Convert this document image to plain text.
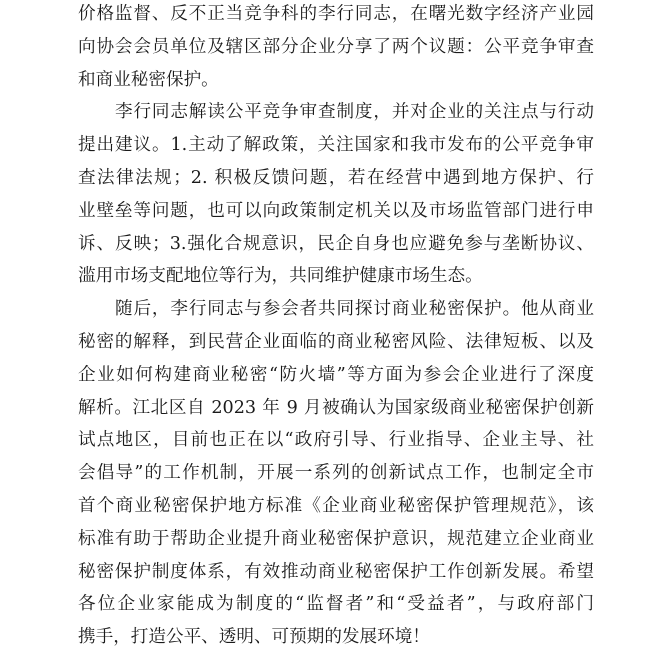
价格监督、反不正当竞争科的李行同志，在曙光数字经济产业园
向协会会员单位及辖区部分企业分享了两个议题：公平竞争审查
和商业秘密保护。
李行同志解读公平竞争审查制度，并对企业的关注点与行动
提出建议。1.主动了解政策，关注国家和我市发布的公平竞争审
查法律法规；2. 积极反馈问题，若在经营中遇到地方保护、行
业壁垒等问题，也可以向政策制定机关以及市场监管部门进行申
诉、反映；3.强化合规意识，民企自身也应避免参与垄断协议、
滥用市场支配地位等行为，共同维护健康市场生态。
随后，李行同志与参会者共同探讨商业秘密保护。他从商业
秘密的解释，到民营企业面临的商业秘密风险、法律短板、以及
企业如何构建商业秘密“防火墙”等方面为参会企业进行了深度
解析。江北区自 2023 年 9 月被确认为国家级商业秘密保护创新
试点地区，目前也正在以“政府引导、行业指导、企业主导、社
会倡导”的工作机制，开展一系列的创新试点工作，也制定全市
首个商业秘密保护地方标准《企业商业秘密保护管理规范》，该
标准有助于帮助企业提升商业秘密保护意识，规范建立企业商业
秘密保护制度体系，有效推动商业秘密保护工作创新发展。希望
各位企业家能成为制度的“监督者”和“受益者”，与政府部门
携手，打造公平、透明、可预期的发展环境！
